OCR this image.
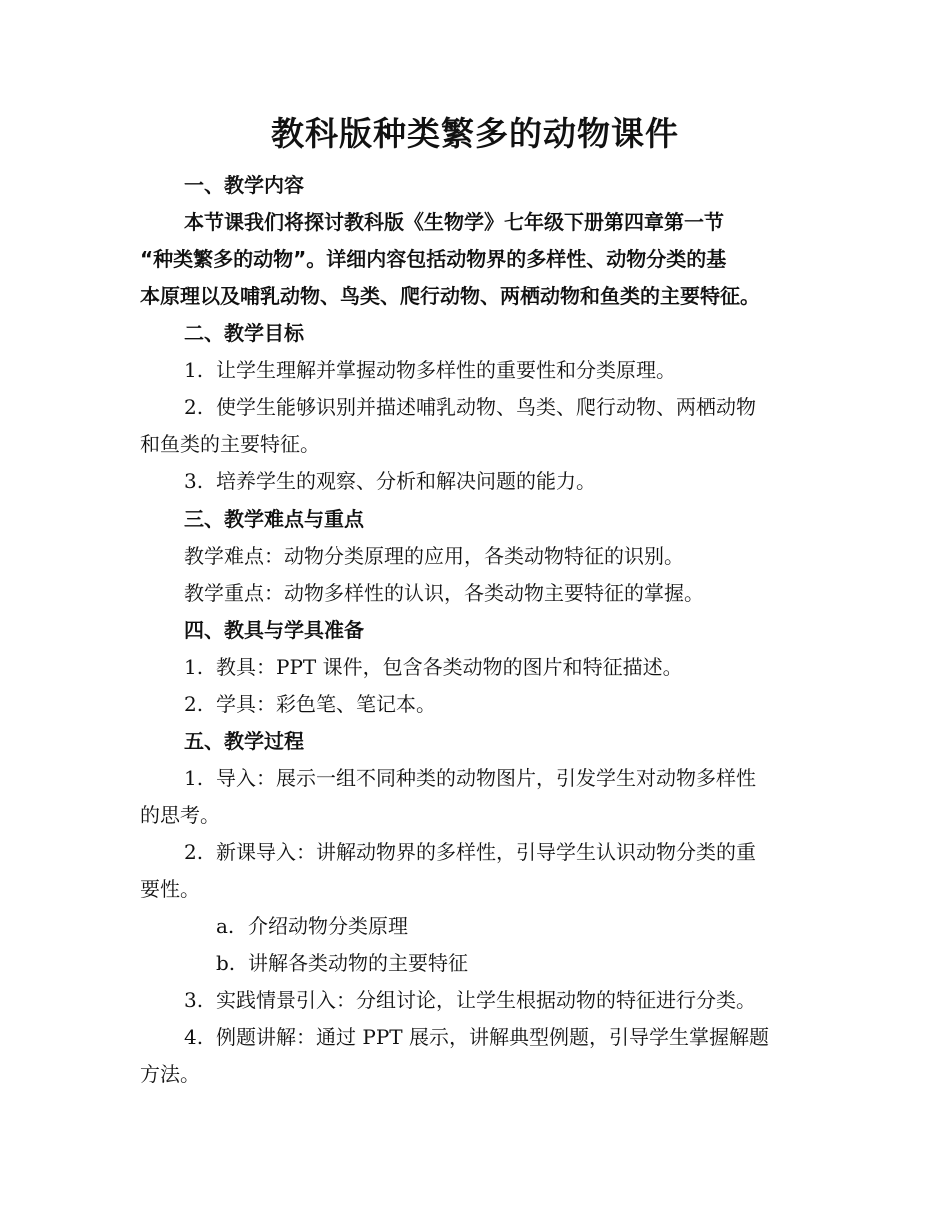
教科版种类繁多的动物课件
一、教学内容
本节课我们将探讨教科版《生物学》七年级下册第四章第一节
“种类繁多的动物”。详细内容包括动物界的多样性、动物分类的基
本原理以及哺乳动物、鸟类、爬行动物、两栖动物和鱼类的主要特征。
二、教学目标
1. 让学生理解并掌握动物多样性的重要性和分类原理。
2. 使学生能够识别并描述哺乳动物、鸟类、爬行动物、两栖动物
和鱼类的主要特征。
3. 培养学生的观察、分析和解决问题的能力。
三、教学难点与重点
教学难点：动物分类原理的应用，各类动物特征的识别。
教学重点：动物多样性的认识，各类动物主要特征的掌握。
四、教具与学具准备
1. 教具：PPT 课件，包含各类动物的图片和特征描述。
2. 学具：彩色笔、笔记本。
五、教学过程
1. 导入：展示一组不同种类的动物图片，引发学生对动物多样性
的思考。
2. 新课导入：讲解动物界的多样性，引导学生认识动物分类的重
要性。
a. 介绍动物分类原理
b. 讲解各类动物的主要特征
3. 实践情景引入：分组讨论，让学生根据动物的特征进行分类。
4. 例题讲解：通过 PPT 展示，讲解典型例题，引导学生掌握解题
方法。
